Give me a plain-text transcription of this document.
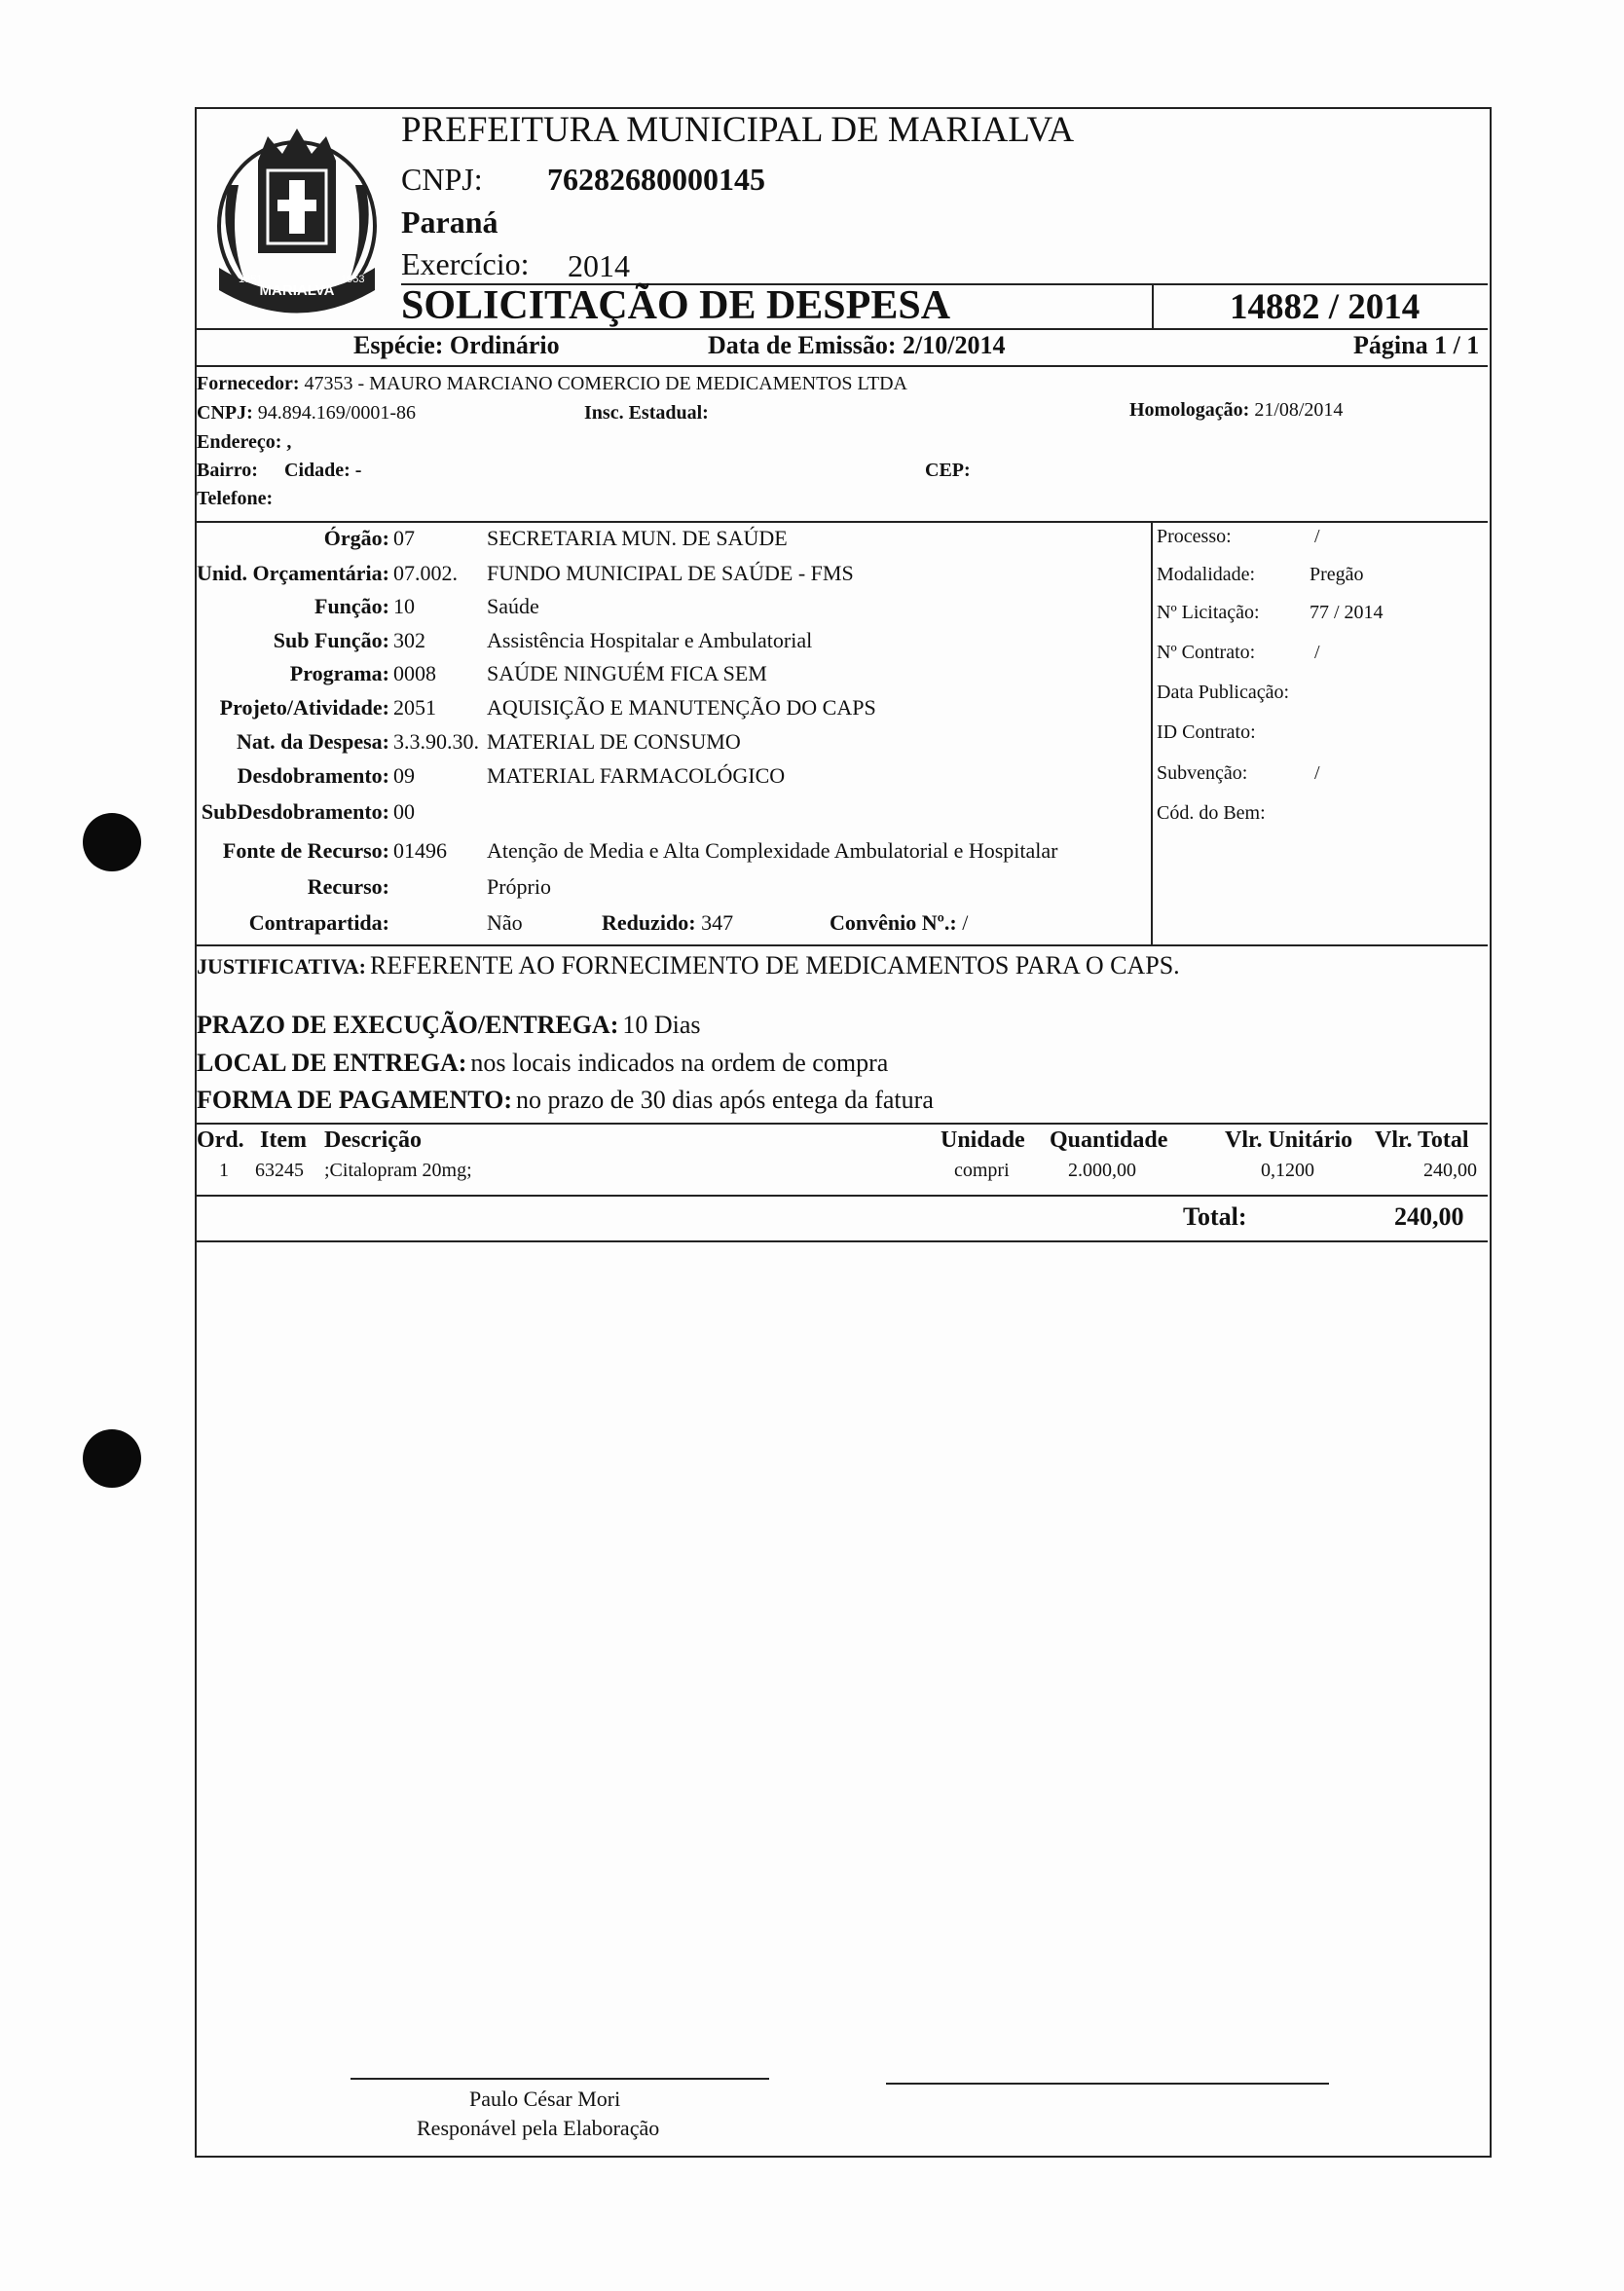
MARIALVA
1951	1953
PREFEITURA MUNICIPAL DE MARIALVA
CNPJ: 76282680000145
Paraná
Exercício: 2014
SOLICITAÇÃO DE DESPESA	14882 / 2014
Espécie: Ordinário	Data de Emissão: 2/10/2014	Página 1 / 1
Fornecedor: 47353 - MAURO MARCIANO COMERCIO DE MEDICAMENTOS LTDA
CNPJ: 94.894.169/0001-86	Insc. Estadual:	Homologação: 21/08/2014
Endereço: ,
Bairro: Cidade: -	CEP:
Telefone:
Órgão: 07	SECRETARIA MUN. DE SAÚDE
Unid. Orçamentária: 07.002. FUNDO MUNICIPAL DE SAÚDE - FMS
Função: 10	Saúde
Sub Função: 302	Assistência Hospitalar e Ambulatorial
Programa: 0008 SAÚDE NINGUÉM FICA SEM
Projeto/Atividade: 2051 AQUISIÇÃO E MANUTENÇÃO DO CAPS
Nat. da Despesa: 3.3.90.30. MATERIAL DE CONSUMO
Desdobramento: 09	MATERIAL FARMACOLÓGICO
SubDesdobramento: 00
Fonte de Recurso: 01496 Atenção de Media e Alta Complexidade Ambulatorial e Hospitalar
Recurso:	Próprio
Contrapartida:	Não	Reduzido: 347	Convênio Nº.: /
Processo:	/
Modalidade:	Pregão
Nº Licitação:	77 / 2014
Nº Contrato:	/
Data Publicação:
ID Contrato:
Subvenção:	/
Cód. do Bem:
JUSTIFICATIVA: REFERENTE AO FORNECIMENTO DE MEDICAMENTOS PARA O CAPS.
PRAZO DE EXECUÇÃO/ENTREGA: 10 Dias
LOCAL DE ENTREGA: nos locais indicados na ordem de compra
FORMA DE PAGAMENTO: no prazo de 30 dias após entega da fatura
Ord. Item Descrição	Unidade Quantidade Vlr. Unitário Vlr. Total
1 63245 ;Citalopram 20mg;	compri	2.000,00	0,1200	240,00
Total:	240,00
Paulo César Mori
Responável pela Elaboração
